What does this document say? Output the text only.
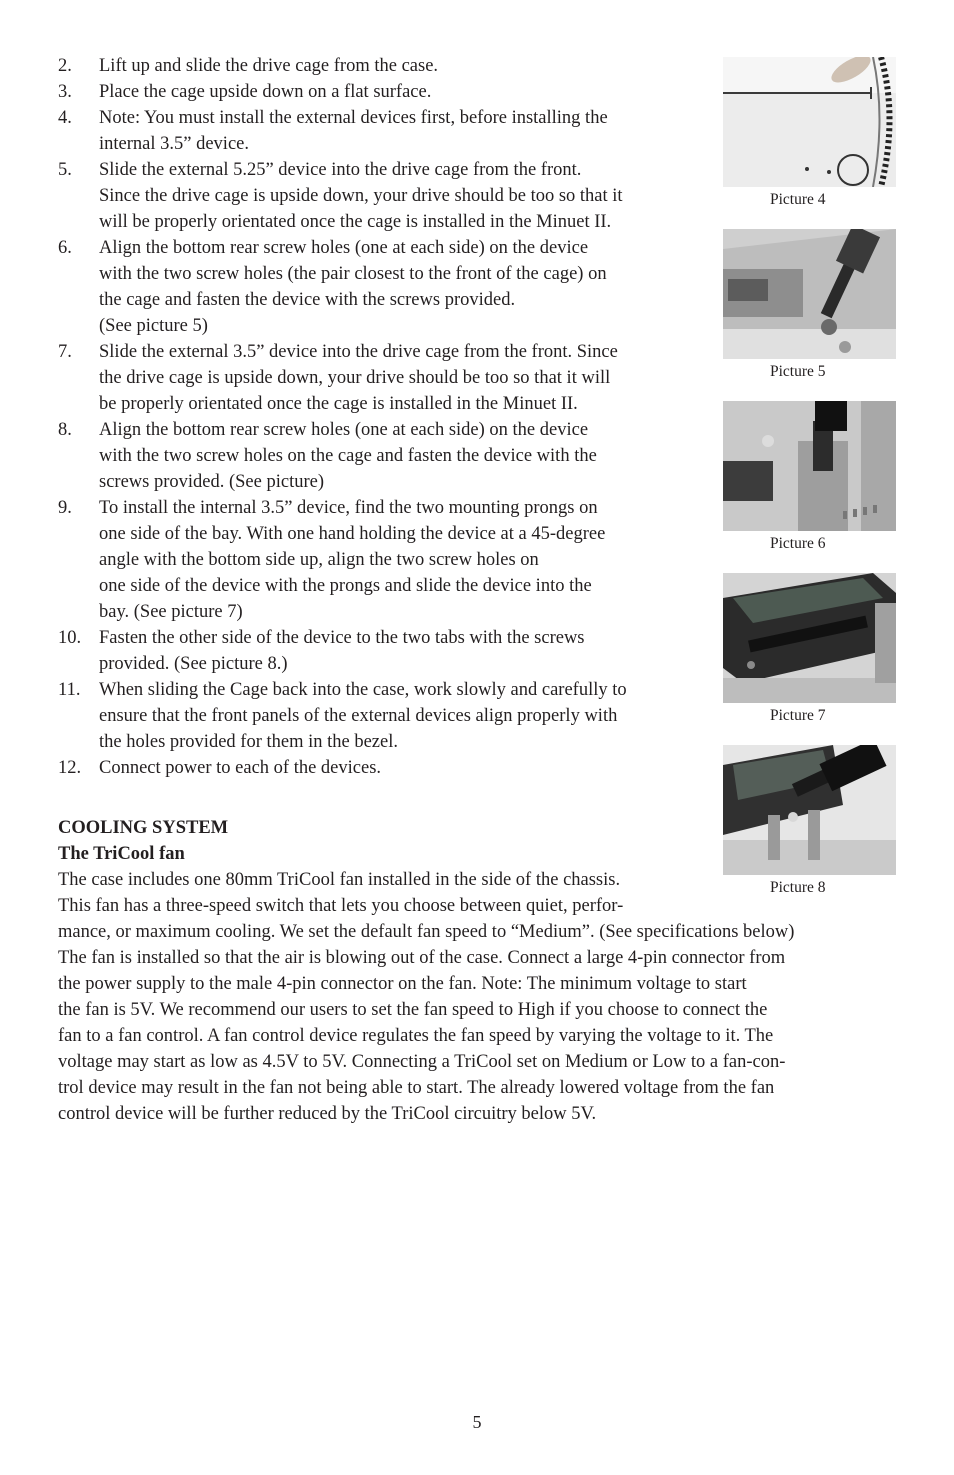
2.	Lift up and slide the drive cage from the case.
3.	Place the cage upside down on a flat surface.
4.	Note: You must install the external devices first, before installing the
internal 3.5” device.
5.	Slide the external 5.25” device into the drive cage from the front.
Since the drive cage is upside down, your drive should be too so that it
will be properly orientated once the cage is installed in the Minuet II.
6.	Align the bottom rear screw holes (one at each side) on the device
with the two screw holes (the pair closest to the front of the cage) on
the cage and fasten the device with the screws provided.
(See picture 5)
7.	Slide the external 3.5” device into the drive cage from the front. Since
the drive cage is upside down, your drive should be too so that it will
be properly orientated once the cage is installed in the Minuet II.
8.	Align the bottom rear screw holes (one at each side) on the device
with the two screw holes on the cage and fasten the device with the
screws provided. (See picture)
9.	To install the internal 3.5” device, find the two mounting prongs on
one side of the bay. With one hand holding the device at a 45-degree
angle with the bottom side up, align the two screw holes on
one side of the device with the prongs and slide the device into the
bay. (See picture 7)
10. Fasten the other side of the device to the two tabs with the screws
provided. (See picture 8.)
11.	When sliding the Cage back into the case, work slowly and carefully to
ensure that the front panels of the external devices align properly with
the holes provided for them in the bezel.
12. Connect power to each of the devices.
COOLING SYSTEM
The TriCool fan
The case includes one 80mm TriCool fan installed in the side of the chassis.
This fan has a three-speed switch that lets you choose between quiet, perfor-
mance, or maximum cooling. We set the default fan speed to “Medium”. (See specifications below)
The fan is installed so that the air is blowing out of the case. Connect a large 4-pin connector from
the power supply to the male 4-pin connector on the fan. Note: The minimum voltage to start
the fan is 5V. We recommend our users to set the fan speed to High if you choose to connect the
fan to a fan control. A fan control device regulates the fan speed by varying the voltage to it. The
voltage may start as low as 4.5V to 5V. Connecting a TriCool set on Medium or Low to a fan-con-
trol device may result in the fan not being able to start. The already lowered voltage from the fan
control device will be further reduced by the TriCool circuitry below 5V.
Picture 4
Picture 5
Picture 6
Picture 7
Picture 8
5
